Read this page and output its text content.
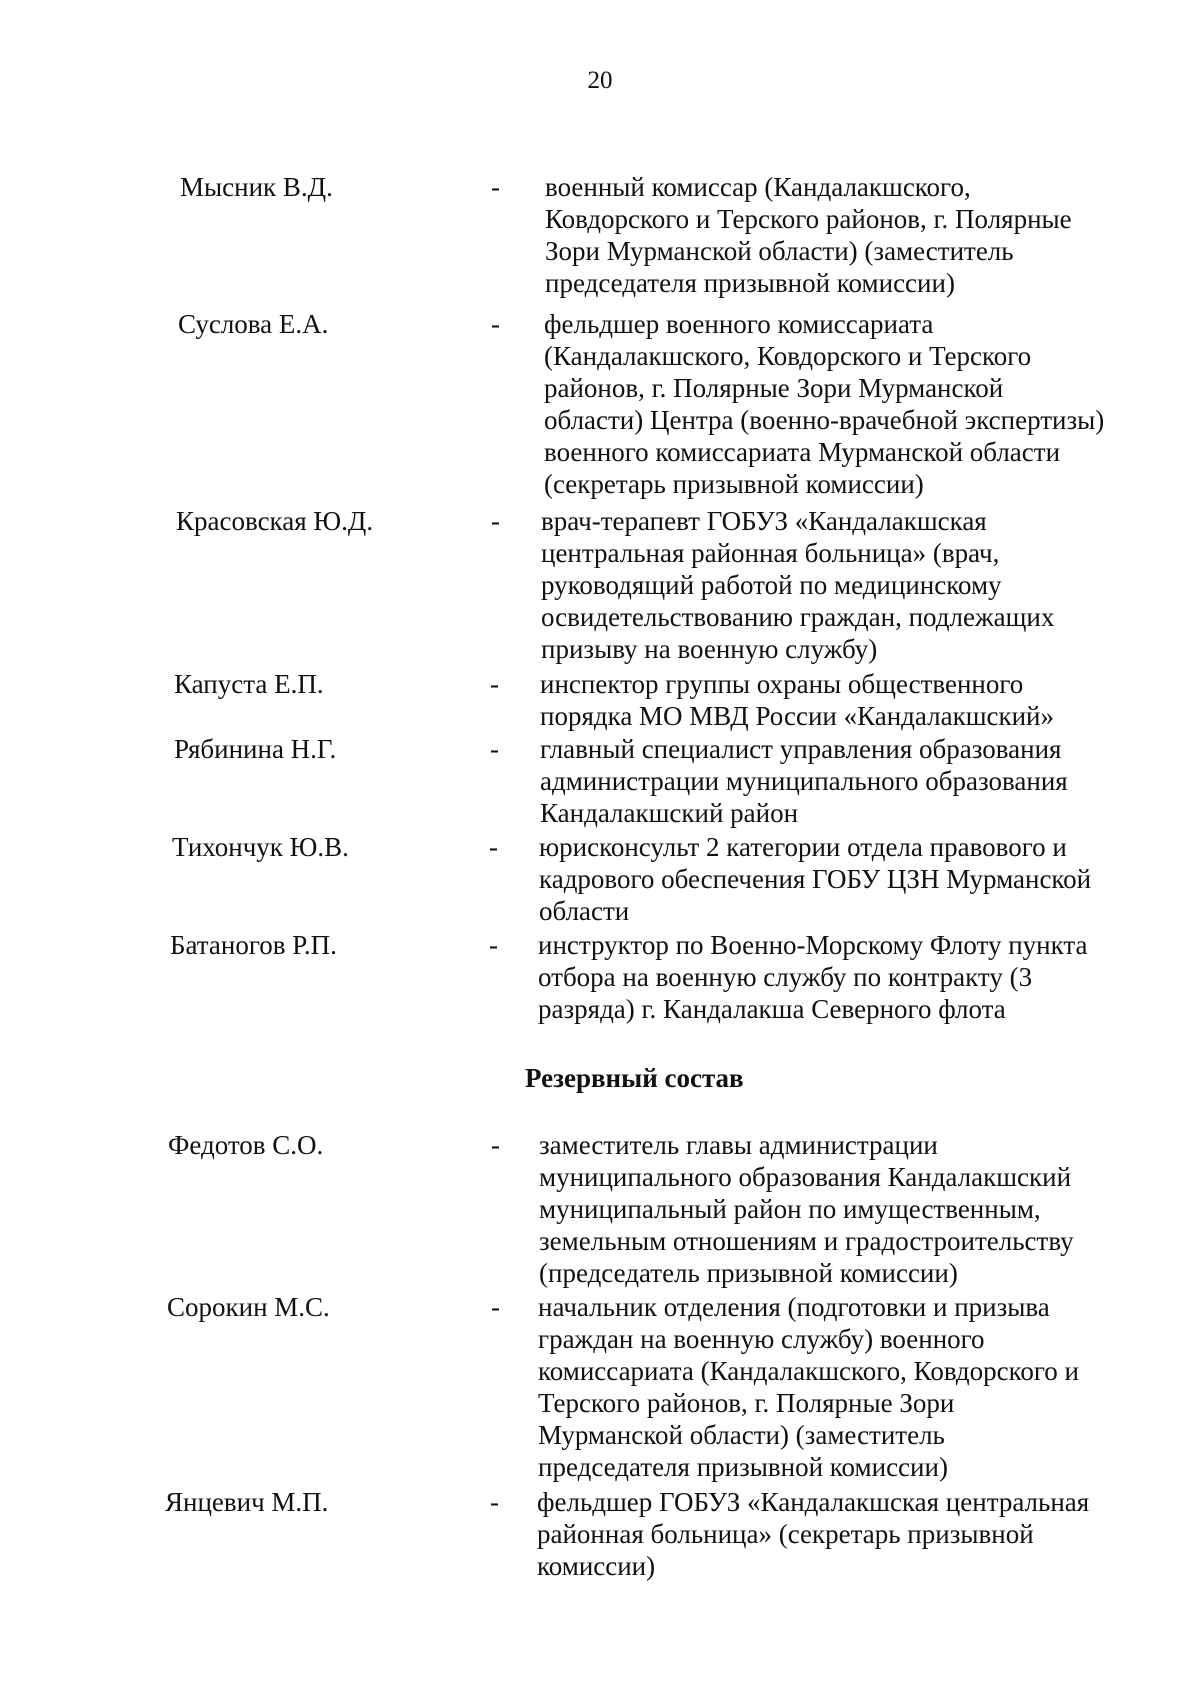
20
Мысник В.Д.	- военный комиссар (Кандалакшского,
Ковдорского и Терского районов, г. Полярные
Зори Мурманской области) (заместитель
председателя призывной комиссии)
Суслова Е.А.	- фельдшер военного комиссариата
(Кандалакшского, Ковдорского и Терского
районов, г. Полярные Зори Мурманской
области) Центра (военно-врачебной экспертизы)
военного комиссариата Мурманской области
(секретарь призывной комиссии)
Красовская Ю.Д.	- врач-терапевт ГОБУЗ «Кандалакшская
центральная районная больница» (врач,
руководящий работой по медицинскому
освидетельствованию граждан, подлежащих
призыву на военную службу)
Капуста Е.П.	- инспектор группы охраны общественного
порядка МО МВД России «Кандалакшский»
Рябинина Н.Г.	- главный специалист управления образования
администрации муниципального образования
Кандалакшский район
Тихончук Ю.В.	- юрисконсульт 2 категории отдела правового и
кадрового обеспечения ГОБУ ЦЗН Мурманской
области
Батаногов Р.П.	- инструктор по Военно-Морскому Флоту пункта
отбора на военную службу по контракту (3
разряда) г. Кандалакша Северного флота
Резервный состав
Федотов С.О.	- заместитель главы администрации
муниципального образования Кандалакшский
муниципальный район по имущественным,
земельным отношениям и градостроительству
(председатель призывной комиссии)
Сорокин М.С.	- начальник отделения (подготовки и призыва
граждан на военную службу) военного
комиссариата (Кандалакшского, Ковдорского и
Терского районов, г. Полярные Зори
Мурманской области) (заместитель
председателя призывной комиссии)
Янцевич М.П.	- фельдшер ГОБУЗ «Кандалакшская центральная
районная больница» (секретарь призывной
комиссии)
